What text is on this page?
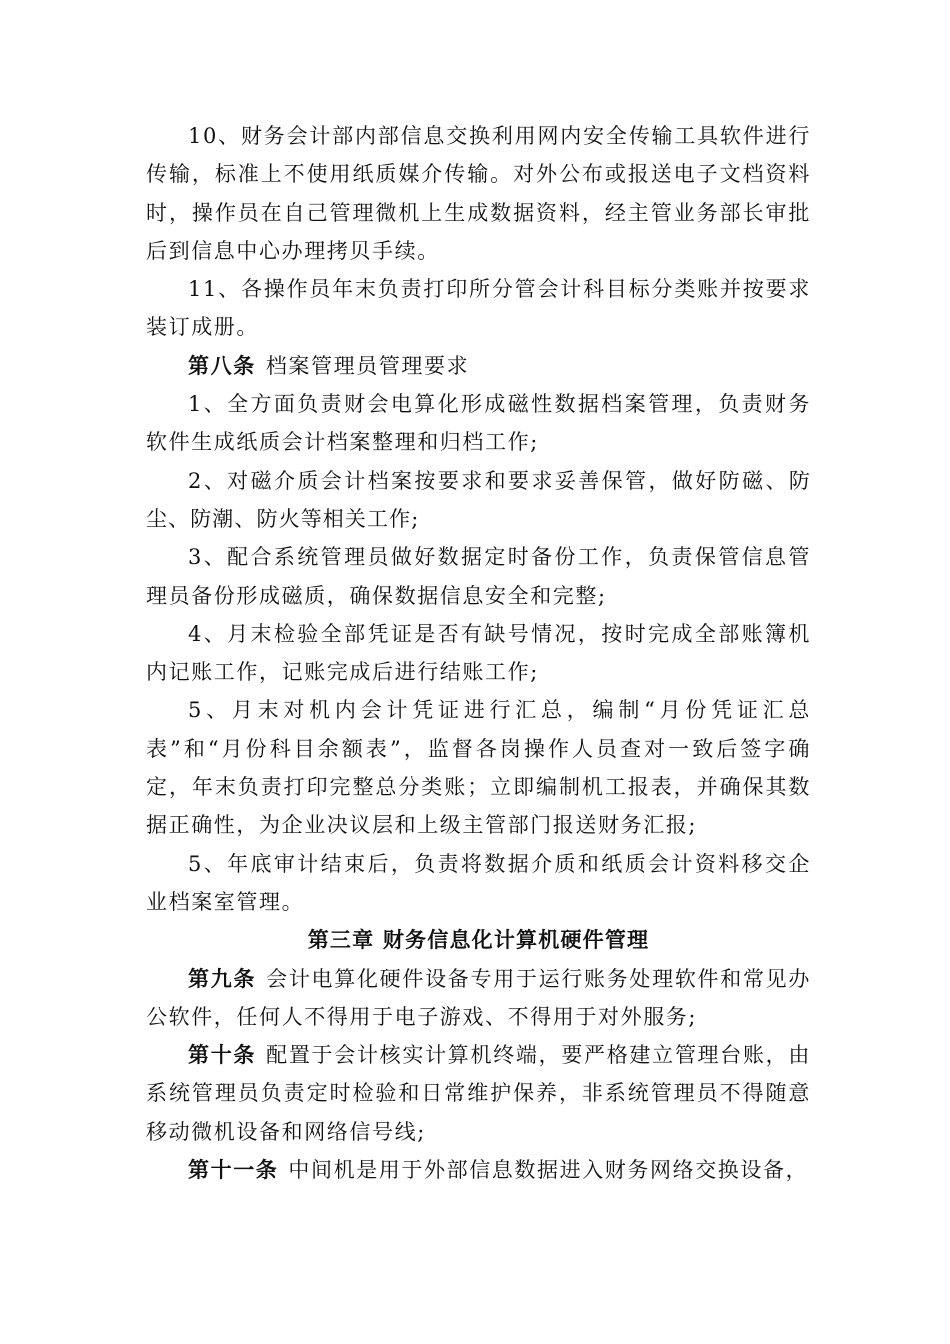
10、财务会计部内部信息交换利用网内安全传输工具软件进行传输，标准上不使用纸质媒介传输。对外公布或报送电子文档资料时，操作员在自己管理微机上生成数据资料，经主管业务部长审批后到信息中心办理拷贝手续。

11、各操作员年末负责打印所分管会计科目标分类账并按要求装订成册。

第八条 档案管理员管理要求

1、全方面负责财会电算化形成磁性数据档案管理，负责财务软件生成纸质会计档案整理和归档工作;

2、对磁介质会计档案按要求和要求妥善保管，做好防磁、防尘、防潮、防火等相关工作;

3、配合系统管理员做好数据定时备份工作，负责保管信息管理员备份形成磁质，确保数据信息安全和完整;

4、月末检验全部凭证是否有缺号情况，按时完成全部账簿机内记账工作，记账完成后进行结账工作;

5、月末对机内会计凭证进行汇总，编制“月份凭证汇总表”和“月份科目余额表”，监督各岗操作人员查对一致后签字确定，年末负责打印完整总分类账；立即编制机工报表，并确保其数据正确性，为企业决议层和上级主管部门报送财务汇报;

5、年底审计结束后，负责将数据介质和纸质会计资料移交企业档案室管理。

第三章 财务信息化计算机硬件管理

第九条 会计电算化硬件设备专用于运行账务处理软件和常见办公软件，任何人不得用于电子游戏、不得用于对外服务;

第十条 配置于会计核实计算机终端，要严格建立管理台账，由系统管理员负责定时检验和日常维护保养，非系统管理员不得随意移动微机设备和网络信号线;

第十一条 中间机是用于外部信息数据进入财务网络交换设备，
